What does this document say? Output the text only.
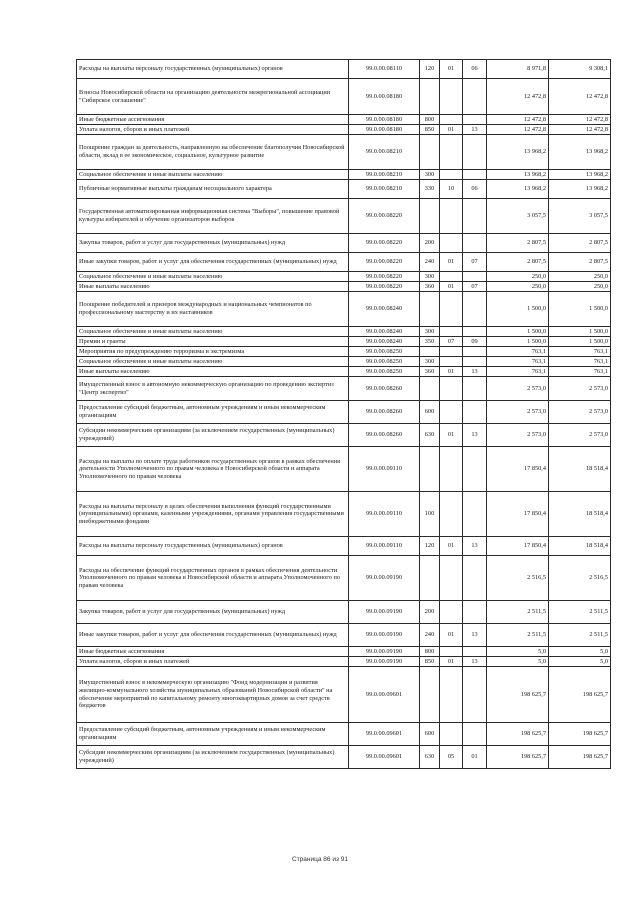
Расходы на выплаты персоналу государственных (муниципальных) органов	99.0.00.08110	120	01	06	8 971,8	9 308,1
Взносы Новосибирской области на организацию деятельности межрегиональной ассоциации "Сибирское соглашение"	99.0.00.08180				12 472,8	12 472,8
Иные бюджетные ассигнования	99.0.00.08180	800			12 472,8	12 472,8
Уплата налогов, сборов и иных платежей	99.0.00.08180	850	01	13	12 472,8	12 472,8
Поощрение граждан за деятельность, направленную на обеспечение благополучия Новосибирской области, вклад в ее экономическое, социальное, культурное развитие	99.0.00.08210				13 968,2	13 968,2
Социальное обеспечение и иные выплаты населению	99.0.00.08210	300			13 968,2	13 968,2
Публичные нормативные выплаты гражданам несоциального характера	99.0.00.08210	330	10	06	13 968,2	13 968,2
Государственная автоматизированная информационная система "Выборы", повышение правовой культуры избирателей и обучение организаторов выборов	99.0.00.08220				3 057,5	3 057,5
Закупка товаров, работ и услуг для государственных (муниципальных) нужд	99.0.00.08220	200			2 807,5	2 807,5
Иные закупки товаров, работ и услуг для обеспечения государственных (муниципальных) нужд	99.0.00.08220	240	01	07	2 807,5	2 807,5
Социальное обеспечение и иные выплаты населению	99.0.00.08220	300			250,0	250,0
Иные выплаты населению	99.0.00.08220	360	01	07	250,0	250,0
Поощрение победителей и призеров международных и национальных чемпионатов по профессиональному мастерству и их наставников	99.0.00.08240				1 500,0	1 500,0
Социальное обеспечение и иные выплаты населению	99.0.00.08240	300			1 500,0	1 500,0
Премии и гранты	99.0.00.08240	350	07	09	1 500,0	1 500,0
Мероприятия по предупреждению терроризма и экстремизма	99.0.00.08250				763,1	763,1
Социальное обеспечение и иные выплаты населению	99.0.00.08250	300			763,1	763,1
Иные выплаты населению	99.0.00.08250	360	01	13	763,1	763,1
Имущественный взнос в автономную некоммерческую организацию по проведению экспертиз "Центр экспертиз"	99.0.00.08260				2 573,0	2 573,0
Предоставление субсидий бюджетным, автономным учреждениям и иным некоммерческим организациям	99.0.00.08260	600			2 573,0	2 573,0
Субсидии некоммерческим организациям (за исключением государственных (муниципальных) учреждений)	99.0.00.08260	630	01	13	2 573,0	2 573,0
Расходы на выплаты по оплате труда работников государственных органов в рамках обеспечения деятельности Уполномоченного по правам человека в Новосибирской области и аппарата Уполномоченного по правам человека	99.0.00.09110				17 850,4	18 518,4
Расходы на выплаты персоналу в целях обеспечения выполнения функций государственными (муниципальными) органами, казенными учреждениями, органами управления государственными внебюджетными фондами	99.0.00.09110	100			17 850,4	18 518,4
Расходы на выплаты персоналу государственных (муниципальных) органов	99.0.00.09110	120	01	13	17 850,4	18 518,4
Расходы на обеспечение функций государственных органов в рамках обеспечения деятельности Уполномоченного по правам человека в Новосибирской области и аппарата Уполномоченного по правам человека	99.0.00.09190				2 516,5	2 516,5
Закупка товаров, работ и услуг для государственных (муниципальных) нужд	99.0.00.09190	200			2 511,5	2 511,5
Иные закупки товаров, работ и услуг для обеспечения государственных (муниципальных) нужд	99.0.00.09190	240	01	13	2 511,5	2 511,5
Иные бюджетные ассигнования	99.0.00.09190	800			5,0	5,0
Уплата налогов, сборов и иных платежей	99.0.00.09190	850	01	13	5,0	5,0
Имущественный взнос в некоммерческую организацию "Фонд модернизации и развития жилищно-коммунального хозяйства муниципальных образований Новосибирской области" на обеспечение мероприятий по капитальному ремонту многоквартирных домов за счет средств бюджетов	99.0.00.09601				198 625,7	198 625,7
Предоставление субсидий бюджетным, автономным учреждениям и иным некоммерческим организациям	99.0.00.09601	600			198 625,7	198 625,7
Субсидии некоммерческим организациям (за исключением государственных (муниципальных) учреждений)	99.0.00.09601	630	05	01	198 625,7	198 625,7
Страница 86 из 91
